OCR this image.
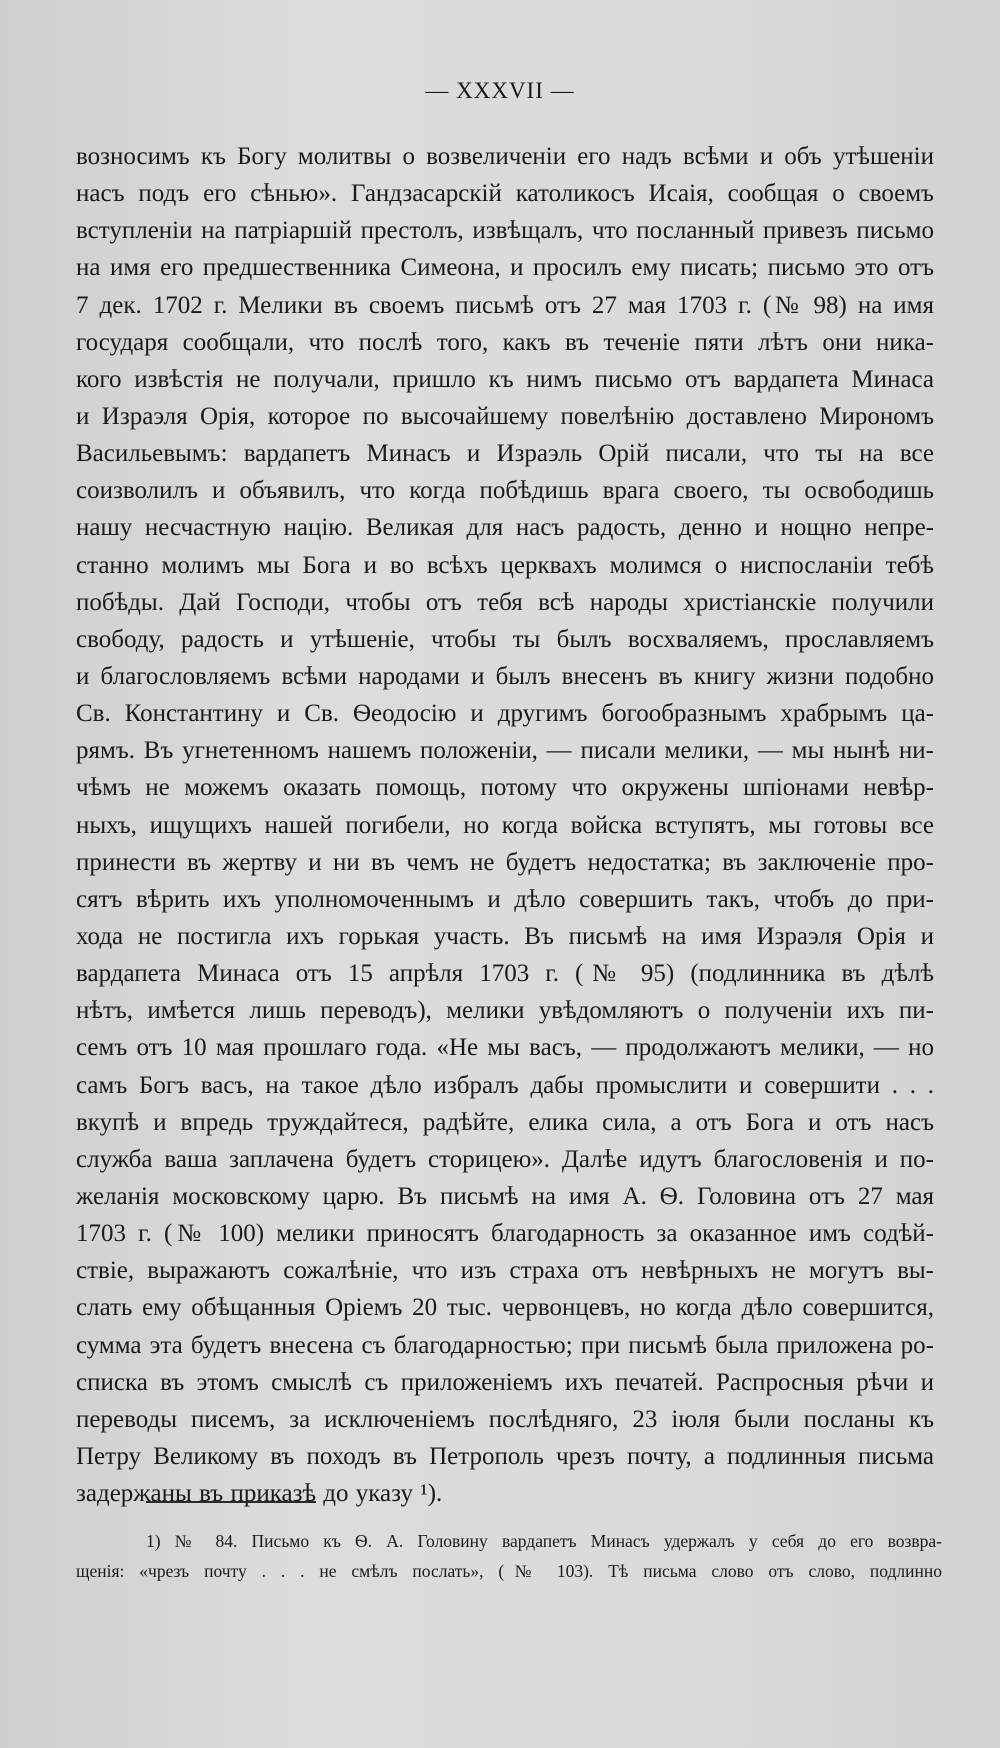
— XXXVII —
возносимъ къ Богу молитвы о возвеличеніи его надъ всѣми и объ утѣшеніи
насъ подъ его сѣнью». Гандзасарскій католикосъ Исаія, сообщая о своемъ
вступленіи на патріаршій престолъ, извѣщалъ, что посланный привезъ письмо
на имя его предшественника Симеона, и просилъ ему писать; письмо это отъ
7 дек. 1702 г. Мелики въ своемъ письмѣ отъ 27 мая 1703 г. (№ 98) на имя
государя сообщали, что послѣ того, какъ въ теченіе пяти лѣтъ они ника-
кого извѣстія не получали, пришло къ нимъ письмо отъ вардапета Минаса
и Израэля Орія, которое по высочайшему повелѣнію доставлено Мирономъ
Васильевымъ: вардапетъ Минасъ и Израэль Орій писали, что ты на все
соизволилъ и объявилъ, что когда побѣдишь врага своего, ты освободишь
нашу несчастную націю. Великая для насъ радость, денно и нощно непре-
станно молимъ мы Бога и во всѣхъ церквахъ молимся о ниспосланіи тебѣ
побѣды. Дай Господи, чтобы отъ тебя всѣ народы христіанскіе получили
свободу, радость и утѣшеніе, чтобы ты былъ восхваляемъ, прославляемъ
и благословляемъ всѣми народами и былъ внесенъ въ книгу жизни подобно
Св. Константину и Св. Ѳеодосію и другимъ богообразнымъ храбрымъ ца-
рямъ. Въ угнетенномъ нашемъ положеніи, — писали мелики, — мы нынѣ ни-
чѣмъ не можемъ оказать помощь, потому что окружены шпіонами невѣр-
ныхъ, ищущихъ нашей погибели, но когда войска вступятъ, мы готовы все
принести въ жертву и ни въ чемъ не будетъ недостатка; въ заключеніе про-
сятъ вѣрить ихъ уполномоченнымъ и дѣло совершить такъ, чтобъ до при-
хода не постигла ихъ горькая участь. Въ письмѣ на имя Израэля Орія и
вардапета Минаса отъ 15 апрѣля 1703 г. (№ 95) (подлинника въ дѣлѣ
нѣтъ, имѣется лишь переводъ), мелики увѣдомляютъ о полученіи ихъ пи-
семъ отъ 10 мая прошлаго года. «Не мы васъ, — продолжаютъ мелики, — но
самъ Богъ васъ, на такое дѣло избралъ дабы промыслити и совершити . . .
вкупѣ и впредь труждайтеся, радѣйте, елика сила, а отъ Бога и отъ насъ
служба ваша заплачена будетъ сторицею». Далѣе идутъ благословенія и по-
желанія московскому царю. Въ письмѣ на имя А. Ѳ. Головина отъ 27 мая
1703 г. (№ 100) мелики приносятъ благодарность за оказанное имъ содѣй-
ствіе, выражаютъ сожалѣніе, что изъ страха отъ невѣрныхъ не могутъ вы-
слать ему обѣщанныя Оріемъ 20 тыс. червонцевъ, но когда дѣло совершится,
сумма эта будетъ внесена съ благодарностью; при письмѣ была приложена ро-
списка въ этомъ смыслѣ съ приложеніемъ ихъ печатей. Распросныя рѣчи и
переводы писемъ, за исключеніемъ послѣдняго, 23 іюля были посланы къ
Петру Великому въ походъ въ Петрополь чрезъ почту, а подлинныя письма
задержаны въ приказѣ до указу ¹).
1) № 84. Письмо къ Ѳ. А. Головину вардапетъ Минасъ удержалъ у себя до его возвра-
щенія: «чрезъ почту . . . не смѣлъ послать», (№ 103). Тѣ письма слово отъ слово, подлинно
